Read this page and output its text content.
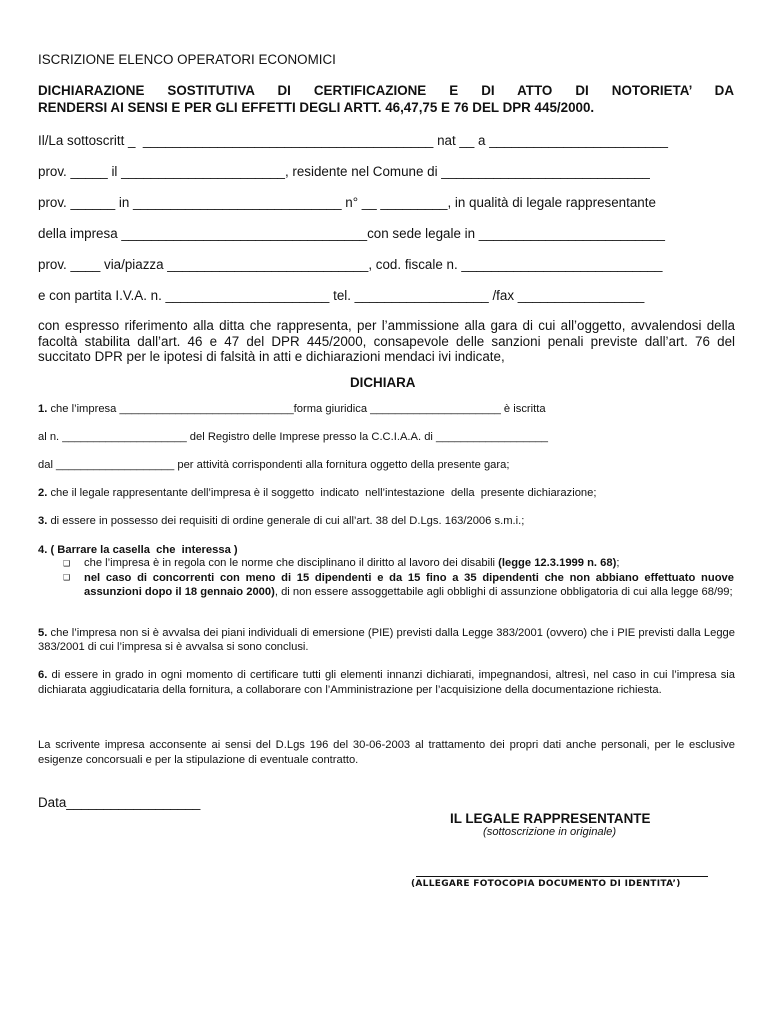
ISCRIZIONE ELENCO OPERATORI ECONOMICI
DICHIARAZIONE SOSTITUTIVA DI CERTIFICAZIONE E DI ATTO DI NOTORIETA’ DA
RENDERSI AI SENSI E PER GLI EFFETTI DEGLI ARTT. 46,47,75 E 76 DEL DPR 445/2000.
Il/La sottoscritt _  _______________________________________ nat __ a ________________________
prov. _____ il ______________________, residente nel Comune di ____________________________
prov. ______ in ____________________________ n° __ _________, in qualità di legale rappresentante
della impresa _________________________________con sede legale in _________________________
prov. ____ via/piazza ___________________________, cod. fiscale n. ___________________________
e con partita I.V.A. n. ______________________ tel. __________________ /fax _________________
con espresso riferimento alla ditta che rappresenta, per l’ammissione alla gara di cui all’oggetto, avvalendosi della facoltà stabilita dall’art. 46 e 47 del DPR 445/2000, consapevole delle sanzioni penali previste dall’art. 76 del succitato DPR per le ipotesi di falsità in atti e dichiarazioni mendaci ivi indicate,
DICHIARA
1. che l’impresa ____________________________forma giuridica _____________________ è iscritta
al n. ____________________ del Registro delle Imprese presso la C.C.I.A.A. di __________________
dal ___________________ per attività corrispondenti alla fornitura oggetto della presente gara;
2. che il legale rappresentante dell’impresa è il soggetto  indicato  nell’intestazione  della  presente dichiarazione;
3. di essere in possesso dei requisiti di ordine generale di cui all’art. 38 del D.Lgs. 163/2006 s.m.i.;
4. ( Barrare la casella  che  interessa )
❑ che l’impresa è in regola con le norme che disciplinano il diritto al lavoro dei disabili (legge 12.3.1999 n. 68);
❑ nel caso di concorrenti con meno di 15 dipendenti e da 15 fino a 35 dipendenti che non abbiano effettuato nuove assunzioni dopo il 18 gennaio 2000), di non essere assoggettabile agli obblighi di assunzione obbligatoria di cui alla legge 68/99;
5. che l’impresa non si è avvalsa dei piani individuali di emersione (PIE) previsti dalla Legge 383/2001 (ovvero) che i PIE previsti dalla Legge 383/2001 di cui l’impresa si è avvalsa si sono conclusi.
6. di essere in grado in ogni momento di certificare tutti gli elementi innanzi dichiarati, impegnandosi, altresì, nel caso in cui l’impresa sia dichiarata aggiudicataria della fornitura, a collaborare con l’Amministrazione per l’acquisizione della documentazione richiesta.
La scrivente impresa acconsente ai sensi del D.Lgs 196 del 30-06-2003 al trattamento dei propri dati anche personali, per le esclusive esigenze concorsuali e per la stipulazione di eventuale contratto.
Data__________________
IL LEGALE RAPPRESENTANTE
(sottoscrizione in originale)
(ALLEGARE FOTOCOPIA DOCUMENTO DI IDENTITA’)
